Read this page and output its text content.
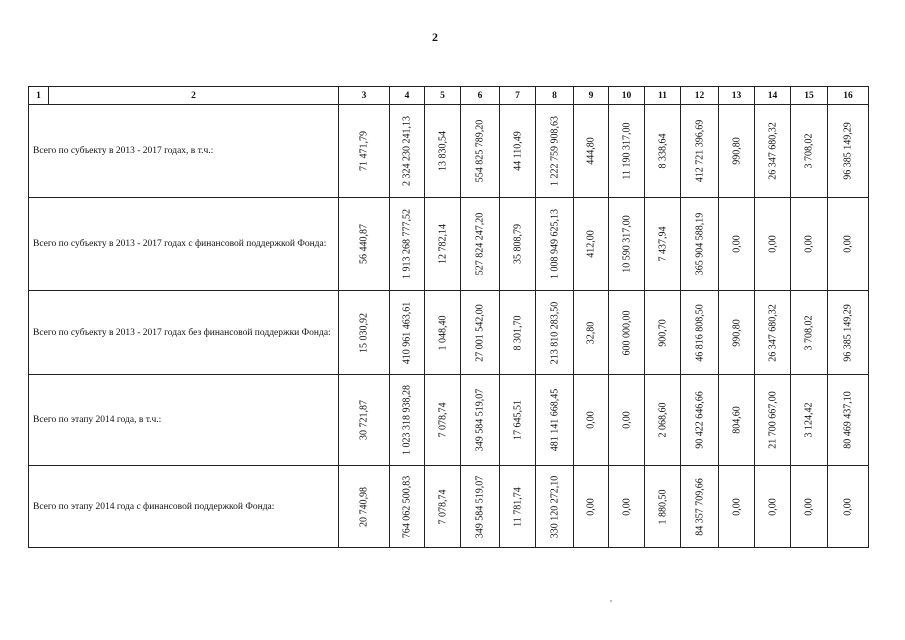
2
1	2	3	4	5	6	7	8	9	10	11	12	13	14	15	16
Всего по субъекту в 2013 - 2017 годах, в т.ч.:		71 471,79	2 324 230 241,13	13 830,54	554 825 789,20	44 110,49	1 222 759 908,63	444,80	11 190 317,00	8 338,64	412 721 396,69	990,80	26 347 680,32	3 708,02	96 385 149,29

Всего по субъекту в 2013 - 2017 годах с финансовой поддержкой Фонда:		56 440,87	1 913 268 777,52	12 782,14	527 824 247,20	35 808,79	1 008 949 625,13	412,00	10 590 317,00	7 437,94	365 904 588,19	0,00	0,00	0,00	0,00

Всего по субъекту в 2013 - 2017 годах без финансовой поддержки Фонда:		15 030,92	410 961 463,61	1 048,40	27 001 542,00	8 301,70	213 810 283,50	32,80	600 000,00	900,70	46 816 808,50	990,80	26 347 680,32	3 708,02	96 385 149,29

Всего по этапу 2014 года, в т.ч.:		30 721,87	1 023 318 938,28	7 078,74	349 584 519,07	17 645,51	481 141 668,45	0,00	0,00	2 068,60	90 422 646,66	804,60	21 700 667,00	3 124,42	80 469 437,10

Всего по этапу 2014 года с финансовой поддержкой Фонда:		20 740,98	764 062 500,83	7 078,74	349 584 519,07	11 781,74	330 120 272,10	0,00	0,00	1 880,50	84 357 709,66	0,00	0,00	0,00	0,00
